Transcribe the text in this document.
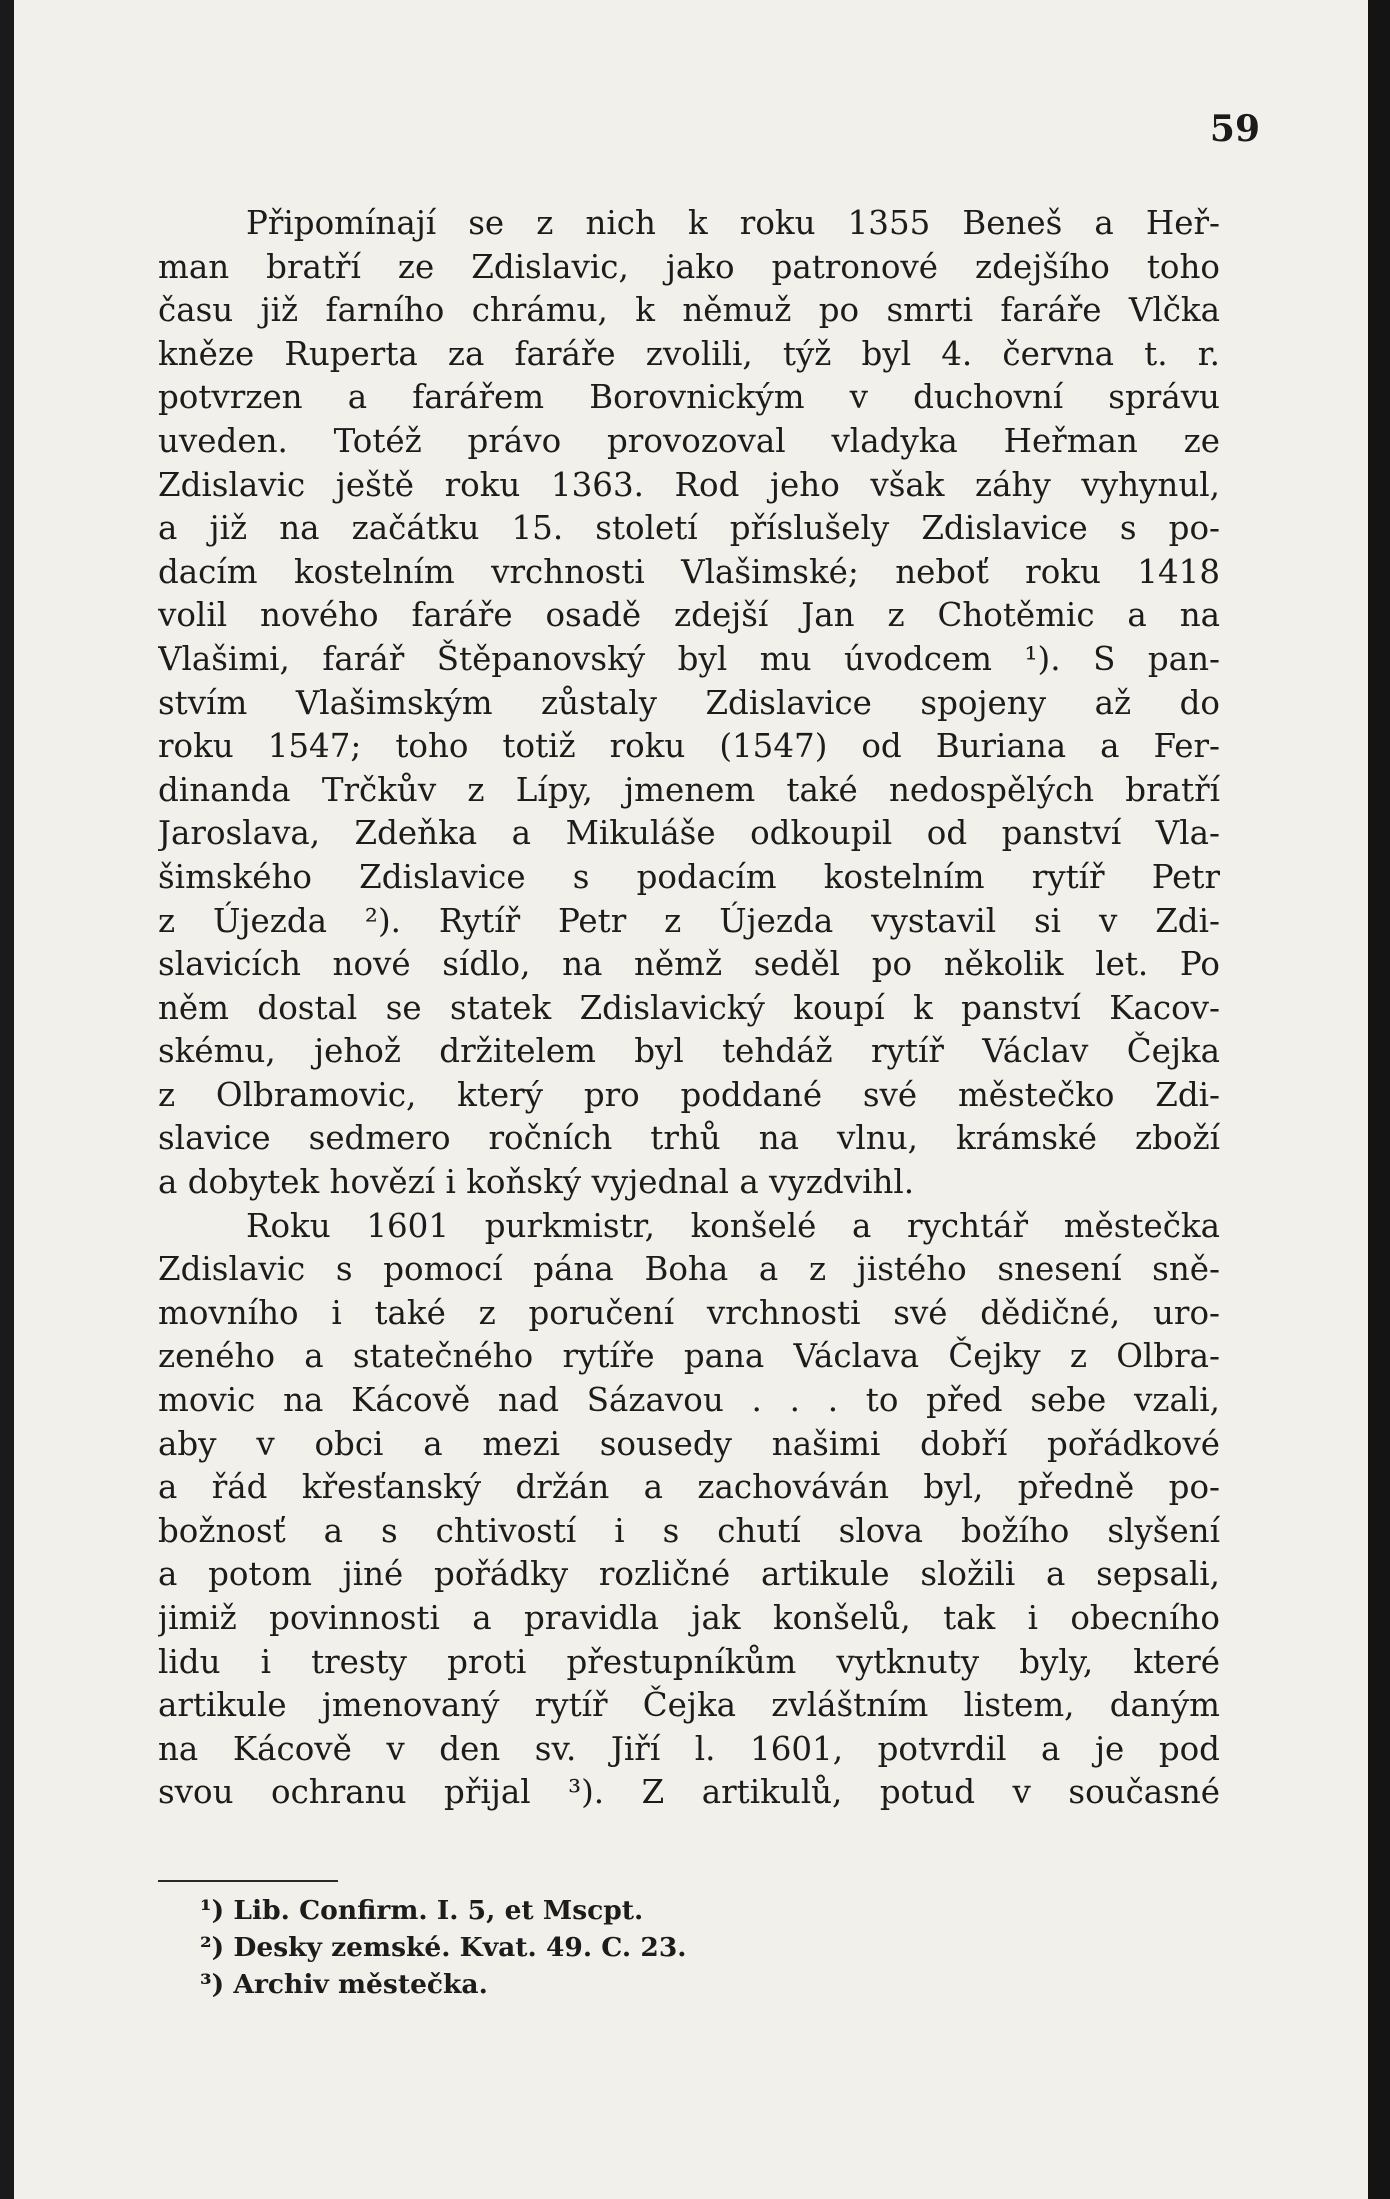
59
Připomínají se z nich k roku 1355 Beneš a Heř-
man bratří ze Zdislavic, jako patronové zdejšího toho
času již farního chrámu, k němuž po smrti faráře Vlčka
kněze Ruperta za faráře zvolili, týž byl 4. června t. r.
potvrzen a farářem Borovnickým v duchovní správu
uveden. Totéž právo provozoval vladyka Heřman ze
Zdislavic ještě roku 1363. Rod jeho však záhy vyhynul,
a již na začátku 15. století příslušely Zdislavice s po-
dacím kostelním vrchnosti Vlašimské; neboť roku 1418
volil nového faráře osadě zdejší Jan z Chotěmic a na
Vlašimi, farář Štěpanovský byl mu úvodcem ¹). S pan-
stvím Vlašimským zůstaly Zdislavice spojeny až do
roku 1547; toho totiž roku (1547) od Buriana a Fer-
dinanda Trčkův z Lípy, jmenem také nedospělých bratří
Jaroslava, Zdeňka a Mikuláše odkoupil od panství Vla-
šimského Zdislavice s podacím kostelním rytíř Petr
z Újezda ²). Rytíř Petr z Újezda vystavil si v Zdi-
slavicích nové sídlo, na němž seděl po několik let. Po
něm dostal se statek Zdislavický koupí k panství Kacov-
skému, jehož držitelem byl tehdáž rytíř Václav Čejka
z Olbramovic, který pro poddané své městečko Zdi-
slavice sedmero ročních trhů na vlnu, krámské zboží
a dobytek hovězí i koňský vyjednal a vyzdvihl.
Roku 1601 purkmistr, konšelé a rychtář městečka
Zdislavic s pomocí pána Boha a z jistého snesení sně-
movního i také z poručení vrchnosti své dědičné, uro-
zeného a statečného rytíře pana Václava Čejky z Olbra-
movic na Kácově nad Sázavou . . . to před sebe vzali,
aby v obci a mezi sousedy našimi dobří pořádkové
a řád křesťanský držán a zachováván byl, předně po-
božnosť a s chtivostí i s chutí slova božího slyšení
a potom jiné pořádky rozličné artikule složili a sepsali,
jimiž povinnosti a pravidla jak konšelů, tak i obecního
lidu i tresty proti přestupníkům vytknuty byly, které
artikule jmenovaný rytíř Čejka zvláštním listem, daným
na Kácově v den sv. Jiří l. 1601, potvrdil a je pod
svou ochranu přijal ³). Z artikulů, potud v současné
¹) Lib. Confirm. I. 5, et Mscpt.
²) Desky zemské. Kvat. 49. C. 23.
³) Archiv městečka.
